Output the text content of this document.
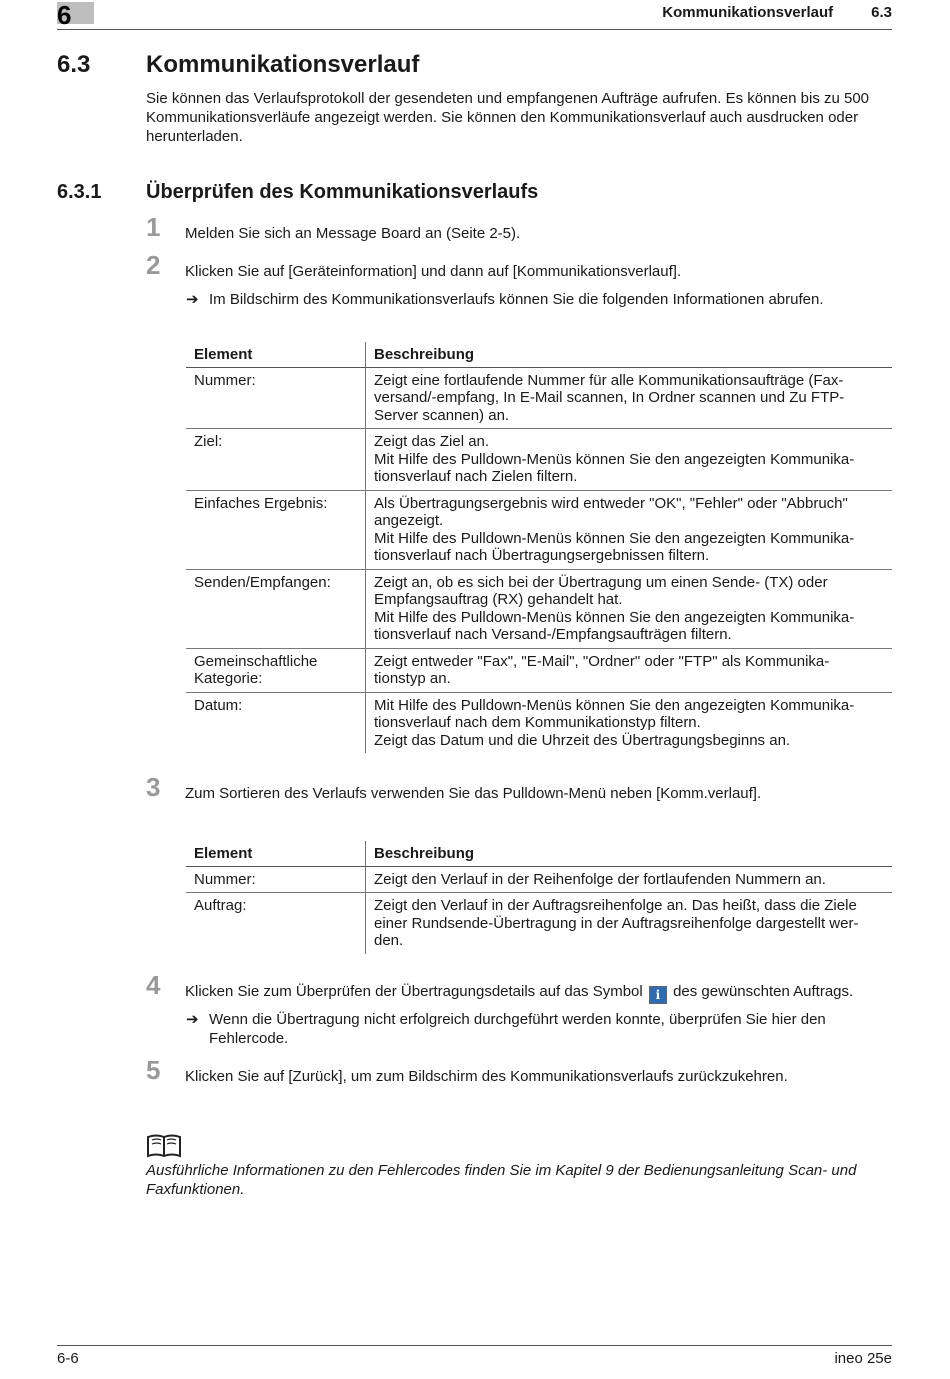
6	Kommunikationsverlauf	6.3
6.3 Kommunikationsverlauf
Sie können das Verlaufsprotokoll der gesendeten und empfangenen Aufträge aufrufen. Es können bis zu 500 Kommunikationsverläufe angezeigt werden. Sie können den Kommunikationsverlauf auch ausdrucken oder herunterladen.
6.3.1 Überprüfen des Kommunikationsverlaufs
1 Melden Sie sich an Message Board an (Seite 2-5).
2 Klicken Sie auf [Geräteinformation] und dann auf [Kommunikationsverlauf].
➔ Im Bildschirm des Kommunikationsverlaufs können Sie die folgenden Informationen abrufen.
Element	Beschreibung
Nummer:	Zeigt eine fortlaufende Nummer für alle Kommunikationsaufträge (Fax-
versand/-empfang, In E-Mail scannen, In Ordner scannen und Zu FTP-
Server scannen) an.

Ziel:	Zeigt das Ziel an.
Mit Hilfe des Pulldown-Menüs können Sie den angezeigten Kommunika-
tionsverlauf nach Zielen filtern.

Einfaches Ergebnis:	Als Übertragungsergebnis wird entweder "OK", "Fehler" oder "Abbruch"
angezeigt.
Mit Hilfe des Pulldown-Menüs können Sie den angezeigten Kommunika-
tionsverlauf nach Übertragungsergebnissen filtern.

Senden/Empfangen:	Zeigt an, ob es sich bei der Übertragung um einen Sende- (TX) oder
Empfangsauftrag (RX) gehandelt hat.
Mit Hilfe des Pulldown-Menüs können Sie den angezeigten Kommunika-
tionsverlauf nach Versand-/Empfangsaufträgen filtern.

Gemeinschaftliche Kategorie:	Zeigt entweder "Fax", "E-Mail", "Ordner" oder "FTP" als Kommunika-
tionstyp an.

Datum:	Mit Hilfe des Pulldown-Menüs können Sie den angezeigten Kommunika-
tionsverlauf nach dem Kommunikationstyp filtern.
Zeigt das Datum und die Uhrzeit des Übertragungsbeginns an.
3 Zum Sortieren des Verlaufs verwenden Sie das Pulldown-Menü neben [Komm.verlauf].
Element	Beschreibung
Nummer:	Zeigt den Verlauf in der Reihenfolge der fortlaufenden Nummern an.

Auftrag:	Zeigt den Verlauf in der Auftragsreihenfolge an. Das heißt, dass die Ziele
einer Rundsende-Übertragung in der Auftragsreihenfolge dargestellt wer-
den.
4 Klicken Sie zum Überprüfen der Übertragungsdetails auf das Symbol i des gewünschten Auftrags.
➔ Wenn die Übertragung nicht erfolgreich durchgeführt werden konnte, überprüfen Sie hier den Fehlercode.
5 Klicken Sie auf [Zurück], um zum Bildschirm des Kommunikationsverlaufs zurückzukehren.
Ausführliche Informationen zu den Fehlercodes finden Sie im Kapitel 9 der Bedienungsanleitung Scan- und Faxfunktionen.
6-6	ineo 25e
